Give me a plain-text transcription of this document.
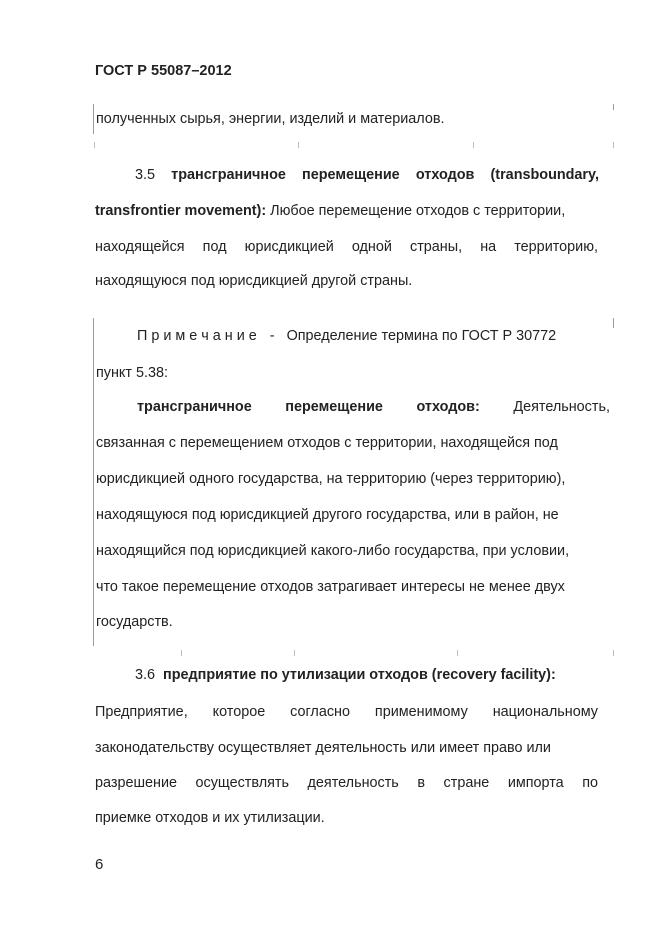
ГОСТ Р 55087–2012
полученных сырья, энергии, изделий и материалов.
3.5 трансграничное перемещение отходов (transboundary,
transfrontier movement): Любое перемещение отходов с территории,
находящейся под юрисдикцией одной страны, на территорию,
находящуюся под юрисдикцией другой страны.
П р и м е ч а н и е - Определение термина по ГОСТ Р 30772
пункт 5.38:
трансграничное перемещение отходов: Деятельность,
связанная с перемещением отходов с территории, находящейся под
юрисдикцией одного государства, на территорию (через территорию),
находящуюся под юрисдикцией другого государства, или в район, не
находящийся под юрисдикцией какого-либо государства, при условии,
что такое перемещение отходов затрагивает интересы не менее двух
государств.
3.6 предприятие по утилизации отходов (recovery facility):
Предприятие, которое согласно применимому национальному
законодательству осуществляет деятельность или имеет право или
разрешение осуществлять деятельность в стране импорта по
приемке отходов и их утилизации.
6
